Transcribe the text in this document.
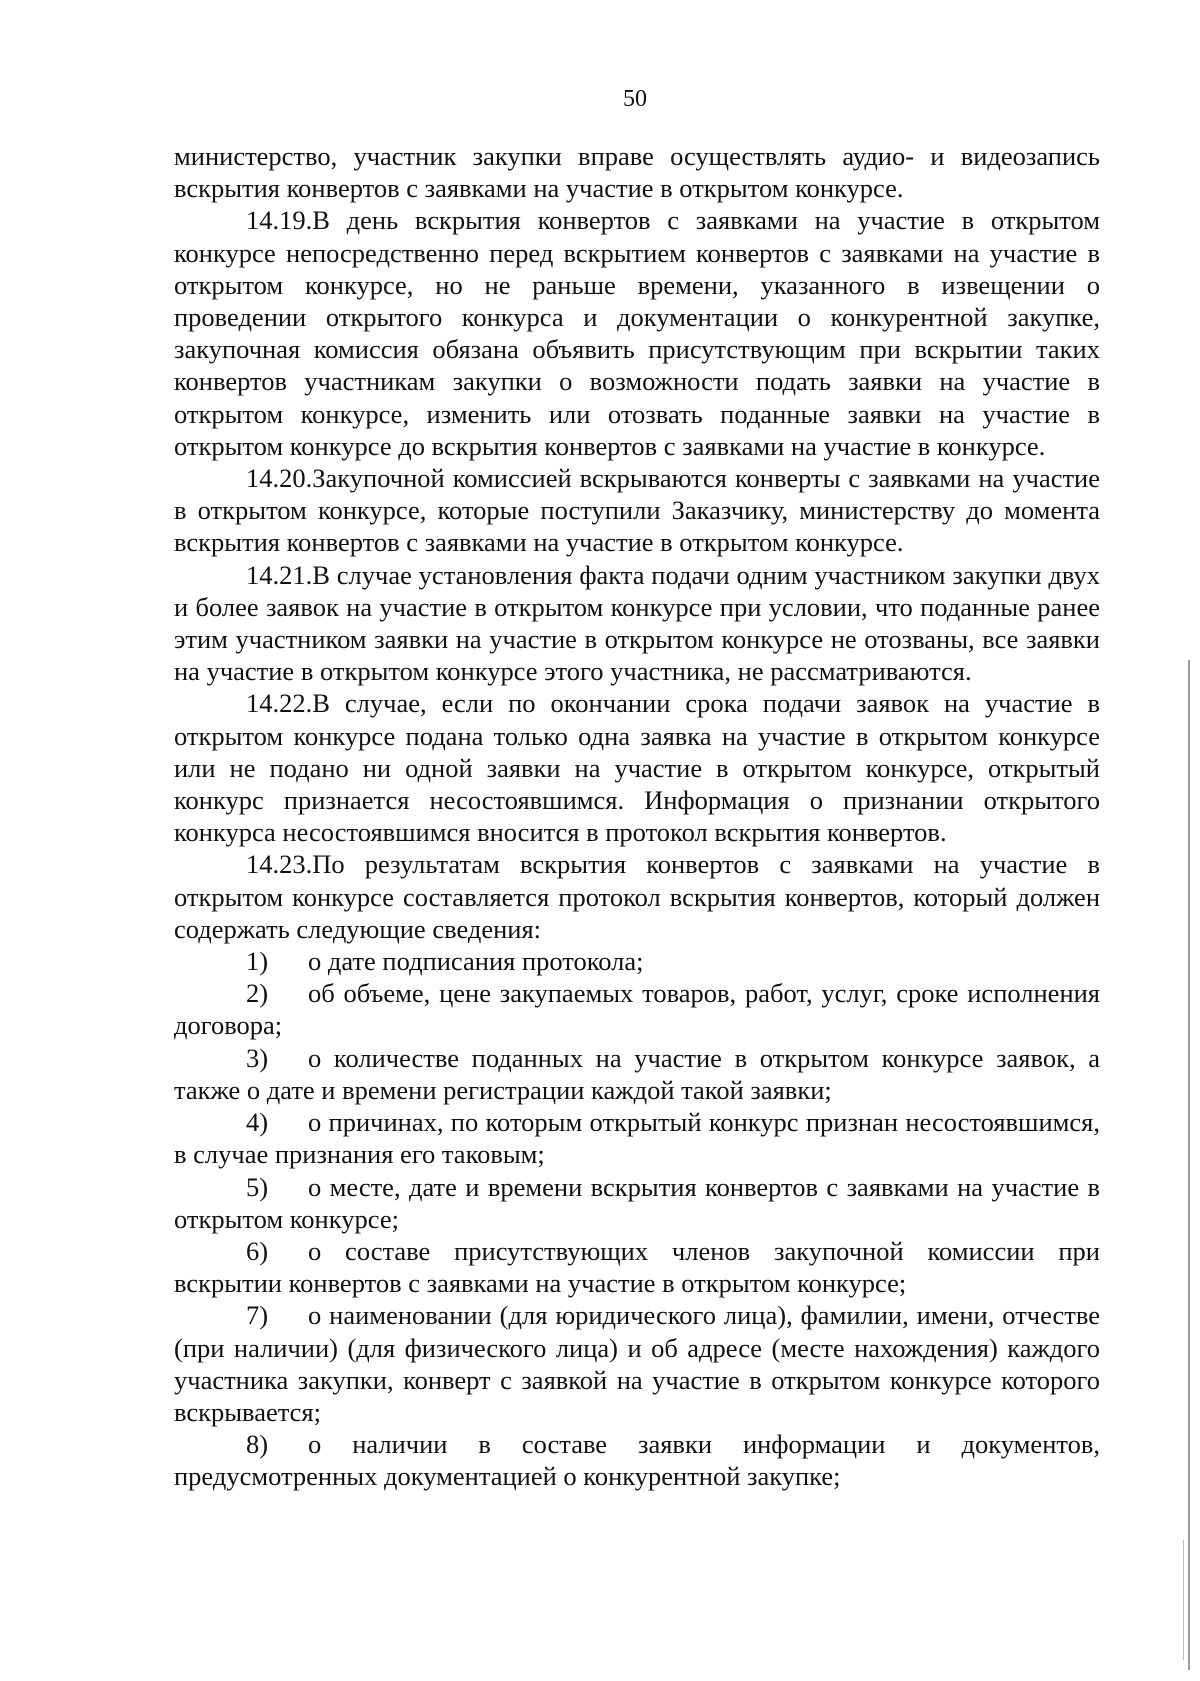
50

министерство, участник закупки вправе осуществлять аудио- и видеозапись вскрытия конвертов с заявками на участие в открытом конкурсе.

14.19.В день вскрытия конвертов с заявками на участие в открытом конкурсе непосредственно перед вскрытием конвертов с заявками на участие в открытом конкурсе, но не раньше времени, указанного в извещении о проведении открытого конкурса и документации о конкурентной закупке, закупочная комиссия обязана объявить присутствующим при вскрытии таких конвертов участникам закупки о возможности подать заявки на участие в открытом конкурсе, изменить или отозвать поданные заявки на участие в открытом конкурсе до вскрытия конвертов с заявками на участие в конкурсе.

14.20.Закупочной комиссией вскрываются конверты с заявками на участие в открытом конкурсе, которые поступили Заказчику, министерству до момента вскрытия конвертов с заявками на участие в открытом конкурсе.

14.21.В случае установления факта подачи одним участником закупки двух и более заявок на участие в открытом конкурсе при условии, что поданные ранее этим участником заявки на участие в открытом конкурсе не отозваны, все заявки на участие в открытом конкурсе этого участника, не рассматриваются.

14.22.В случае, если по окончании срока подачи заявок на участие в открытом конкурсе подана только одна заявка на участие в открытом конкурсе или не подано ни одной заявки на участие в открытом конкурсе, открытый конкурс признается несостоявшимся. Информация о признании открытого конкурса несостоявшимся вносится в протокол вскрытия конвертов.

14.23.По результатам вскрытия конвертов с заявками на участие в открытом конкурсе составляется протокол вскрытия конвертов, который должен содержать следующие сведения:

1) о дате подписания протокола;

2) об объеме, цене закупаемых товаров, работ, услуг, сроке исполнения договора;

3) о количестве поданных на участие в открытом конкурсе заявок, а также о дате и времени регистрации каждой такой заявки;

4) о причинах, по которым открытый конкурс признан несостоявшимся, в случае признания его таковым;

5) о месте, дате и времени вскрытия конвертов с заявками на участие в открытом конкурсе;

6) о составе присутствующих членов закупочной комиссии при вскрытии конвертов с заявками на участие в открытом конкурсе;

7) о наименовании (для юридического лица), фамилии, имени, отчестве (при наличии) (для физического лица) и об адресе (месте нахождения) каждого участника закупки, конверт с заявкой на участие в открытом конкурсе которого вскрывается;

8) о наличии в составе заявки информации и документов, предусмотренных документацией о конкурентной закупке;
